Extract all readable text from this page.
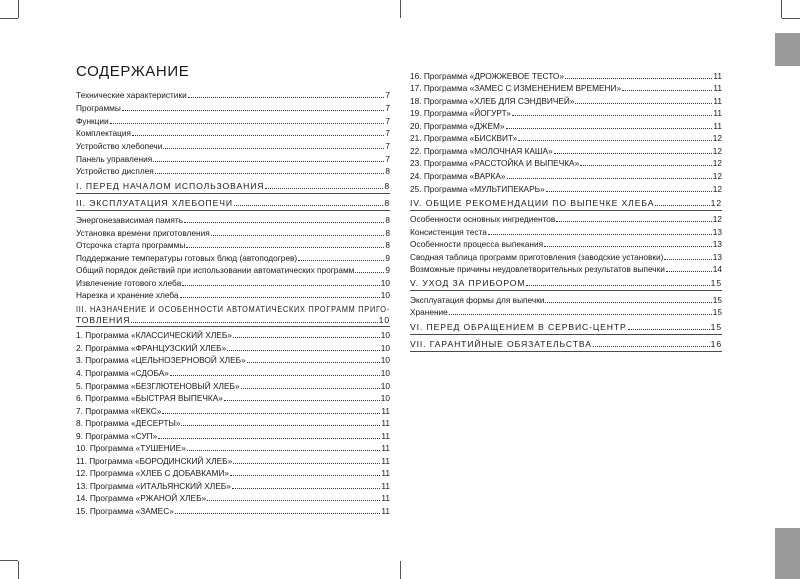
СОДЕРЖАНИЕ
Технические характеристики	7
Программы	7
Функции	7
Комплектация	7
Устройство хлебопечи	7
Панель управления	7
Устройство дисплея	8
I. ПЕРЕД НАЧАЛОМ ИСПОЛЬЗОВАНИЯ	8
II. ЭКСПЛУАТАЦИЯ ХЛЕБОПЕЧИ	8
Энергонезависимая память	8
Установка времени приготовления	8
Отсрочка старта программы	8
Поддержание температуры готовых блюд (автоподогрев)	9
Общий порядок действий при использовании автоматических программ	9
Извлечение готового хлеба	10
Нарезка и хранение хлеба	10
III. НАЗНАЧЕНИЕ И ОСОБЕННОСТИ АВТОМАТИЧЕСКИХ ПРОГРАММ ПРИГО-
ТОВЛЕНИЯ	10
1. Программа «КЛАССИЧЕСКИЙ ХЛЕБ»	10
2. Программа «ФРАНЦУЗСКИЙ ХЛЕБ»	10
3. Программа «ЦЕЛЬНОЗЕРНОВОЙ ХЛЕБ»	10
4. Программа «СДОБА»	10
5. Программа «БЕЗГЛЮТЕНОВЫЙ ХЛЕБ»	10
6. Программа «БЫСТРАЯ ВЫПЕЧКА»	10
7. Программа «КЕКС»	11
8. Программа «ДЕСЕРТЫ»	11
9. Программа «СУП»	11
10. Программа «ТУШЕНИЕ»	11
11. Программа «БОРОДИНСКИЙ ХЛЕБ»	11
12. Программа «ХЛЕБ С ДОБАВКАМИ»	11
13. Программа «ИТАЛЬЯНСКИЙ ХЛЕБ»	11
14. Программа «РЖАНОЙ ХЛЕБ»	11
15. Программа «ЗАМЕС»	11
16. Программа «ДРОЖЖЕВОЕ ТЕСТО»	11
17. Программа «ЗАМЕС С ИЗМЕНЕНИЕМ ВРЕМЕНИ»	11
18. Программа «ХЛЕБ ДЛЯ СЭНДВИЧЕЙ»	11
19. Программа «ЙОГУРТ»	11
20. Программа «ДЖЕМ»	11
21. Программа «БИСКВИТ»	12
22. Программа «МОЛОЧНАЯ КАША»	12
23. Программа «РАССТОЙКА И ВЫПЕЧКА»	12
24. Программа «ВАРКА»	12
25. Программа «МУЛЬТИПЕКАРЬ»	12
IV. ОБЩИЕ РЕКОМЕНДАЦИИ ПО ВЫПЕЧКЕ ХЛЕБА	12
Особенности основных ингредиентов	12
Консистенция теста	13
Особенности процесса выпекания	13
Сводная таблица программ приготовления (заводские установки)	13
Возможные причины неудовлетворительных результатов выпечки	14
V. УХОД ЗА ПРИБОРОМ	15
Эксплуатация формы для выпечки	15
Хранение	15
VI. ПЕРЕД ОБРАЩЕНИЕМ В СЕРВИС-ЦЕНТР	15
VII. ГАРАНТИЙНЫЕ ОБЯЗАТЕЛЬСТВА	16
